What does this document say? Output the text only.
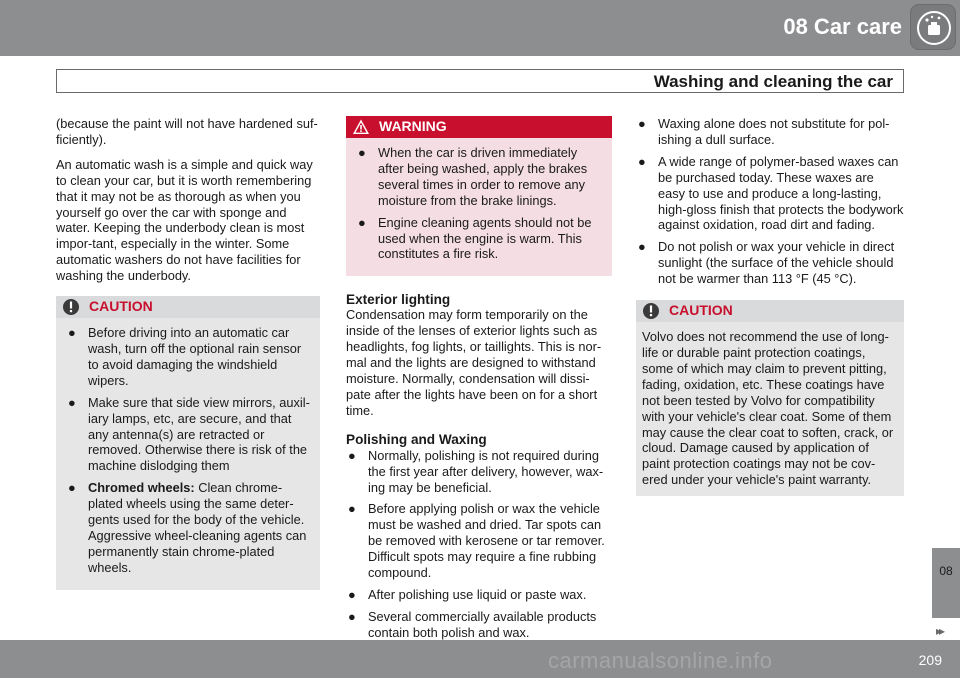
08 Car care
Washing and cleaning the car

(because the paint will not have hardened suf-ficiently).

An automatic wash is a simple and quick way to clean your car, but it is worth remembering that it may not be as thorough as when you yourself go over the car with sponge and water. Keeping the underbody clean is most impor-tant, especially in the winter. Some automatic washers do not have facilities for washing the underbody.

CAUTION
● Before driving into an automatic car wash, turn off the optional rain sensor to avoid damaging the windshield wipers.
● Make sure that side view mirrors, auxil-iary lamps, etc, are secure, and that any antenna(s) are retracted or removed. Otherwise there is risk of the machine dislodging them
● Chromed wheels: Clean chrome-plated wheels using the same deter-gents used for the body of the vehicle. Aggressive wheel-cleaning agents can permanently stain chrome-plated wheels.
WARNING
● When the car is driven immediately after being washed, apply the brakes several times in order to remove any moisture from the brake linings.
● Engine cleaning agents should not be used when the engine is warm. This constitutes a fire risk.
Exterior lighting

Condensation may form temporarily on the inside of the lenses of exterior lights such as headlights, fog lights, or taillights. This is nor-mal and the lights are designed to withstand moisture. Normally, condensation will dissi-pate after the lights have been on for a short time.

Polishing and Waxing
● Normally, polishing is not required during the first year after delivery, however, wax-ing may be beneficial.
● Before applying polish or wax the vehicle must be washed and dried. Tar spots can be removed with kerosene or tar remover. Difficult spots may require a fine rubbing compound.
● After polishing use liquid or paste wax.
● Several commercially available products contain both polish and wax.
● Waxing alone does not substitute for pol-ishing a dull surface.
● A wide range of polymer-based waxes can be purchased today. These waxes are easy to use and produce a long-lasting, high-gloss finish that protects the bodywork against oxidation, road dirt and fading.
● Do not polish or wax your vehicle in direct sunlight (the surface of the vehicle should not be warmer than 113 °F (45 °C).
CAUTION
Volvo does not recommend the use of long-life or durable paint protection coatings, some of which may claim to prevent pitting, fading, oxidation, etc. These coatings have not been tested by Volvo for compatibility with your vehicle's clear coat. Some of them may cause the clear coat to soften, crack, or cloud. Damage caused by application of paint protection coatings may not be cov-ered under your vehicle's paint warranty.
08
▸▸
209
carmanualsonline.info
